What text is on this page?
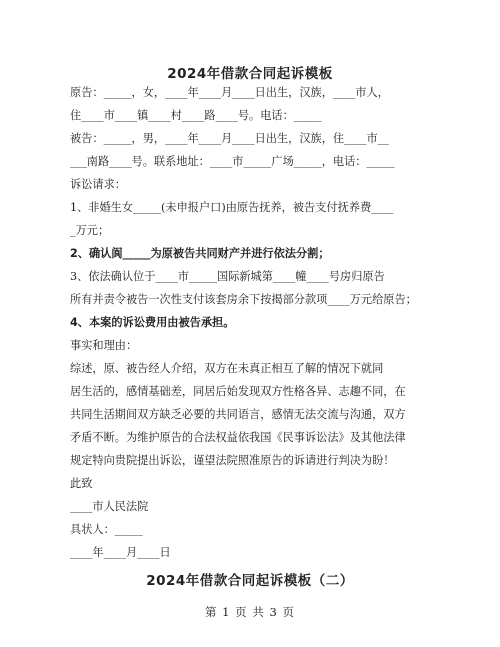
2024年借款合同起诉模板
原告：_____，女，____年____月____日出生，汉族，____市人，
住____市____镇____村____路____号。电话：_____
被告：_____，男，____年____月____日出生，汉族，住____市__
___南路____号。联系地址：____市_____广场_____，电话：_____
诉讼请求：
1、非婚生女_____(未申报户口)由原告抚养，被告支付抚养费____
_万元；
2、确认阆_____为原被告共同财产并进行依法分割；
3、依法确认位于____市_____国际新城第____幢____号房归原告
所有并责令被告一次性支付该套房余下按揭部分款项____万元给原告；
4、本案的诉讼费用由被告承担。
事实和理由：
综述，原、被告经人介绍，双方在未真正相互了解的情况下就同
居生活的，感情基础差，同居后始发现双方性格各异、志趣不同，在
共同生活期间双方缺乏必要的共同语言，感情无法交流与沟通，双方
矛盾不断。为维护原告的合法权益依我国《民事诉讼法》及其他法律
规定特向贵院提出诉讼，谨望法院照准原告的诉请进行判决为盼！
此致
____市人民法院
具状人：_____
____年____月____日
2024年借款合同起诉模板（二）
第 1 页 共 3 页
